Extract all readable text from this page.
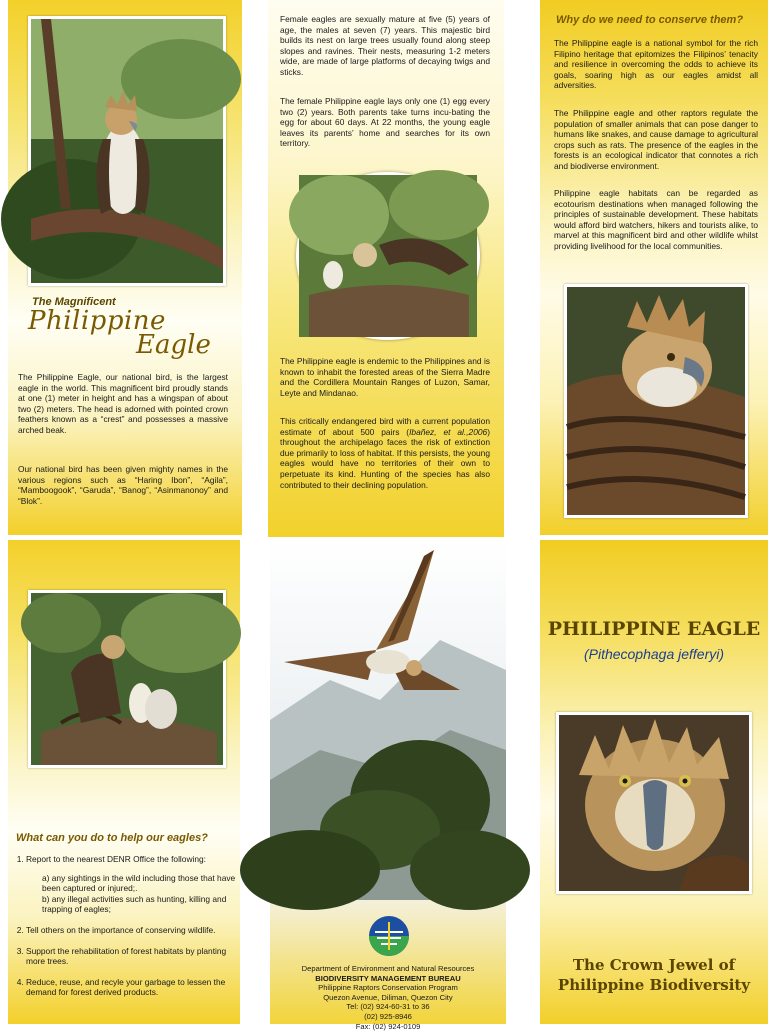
The Magnificent
Philippine
Eagle

The Philippine Eagle, our national bird, is the largest eagle in the world. This magnificent bird proudly stands at one (1) meter in height and has a wingspan of about two (2) meters. The head is adorned with pointed crown feathers known as a “crest” and possesses a massive arched beak.

Our national bird has been given mighty names in the various regions such as “Haring Ibon”, “Agila”, “Mamboogook”, “Garuda”, “Banog”, “Asinmanonoy” and “Blok”.

Female eagles are sexually mature at five (5) years of age, the males at seven (7) years. This majestic bird builds its nest on large trees usually found along steep slopes and ravines. Their nests, measuring 1-2 meters wide, are made of large platforms of decaying twigs and sticks.

The female Philippine eagle lays only one (1) egg every two (2) years. Both parents take turns incu-bating the egg for about 60 days. At 22 months, the young eagle leaves its parents’ home and searches for its own territory.

The Philippine eagle is endemic to the Philippines and is known to inhabit the forested areas of the Sierra Madre and the Cordillera Mountain Ranges of Luzon, Samar, Leyte and Mindanao.

This critically endangered bird with a current population estimate of about 500 pairs (Ibañez, et al.,2006) throughout the archipelago faces the risk of extinction due primarily to loss of habitat. If this persists, the young eagles would have no territories of their own to perpetuate its kind. Hunting of the species has also contributed to their declining population.

Why do we need to conserve them?

The Philippine eagle is a national symbol for the rich Filipino heritage that epitomizes the Filipinos’ tenacity and resilience in overcoming the odds to achieve its goals, soaring high as our eagles amidst all adversities.

The Philippine eagle and other raptors regulate the population of smaller animals that can pose danger to humans like snakes, and cause damage to agricultural crops such as rats. The presence of the eagles in the forests is an ecological indicator that connotes a rich and biodiverse environment.

Philippine eagle habitats can be regarded as ecotourism destinations when managed following the principles of sustainable development. These habitats would afford bird watchers, hikers and tourists alike, to marvel at this magnificent bird and other wildlife whilst providing livelihood for the local communities.

What can you do to help our eagles?
1. Report to the nearest DENR Office the following:
a) any sightings in the wild including those that have been captured or injured;.
b) any illegal activities such as hunting, killing and trapping of eagles;
2. Tell others on the importance of conserving wildlife.
3. Support the rehabilitation of forest habitats by planting more trees.
4. Reduce, reuse, and recyle your garbage to lessen the demand for forest derived products.
Department of Environment and Natural Resources
BIODIVERSITY MANAGEMENT BUREAU
Philippine Raptors Conservation Program
Quezon Avenue, Diliman, Quezon City
Tel: (02) 924-60-31 to 36
(02) 925-8946
Fax: (02) 924-0109
PHILIPPINE EAGLE
(Pithecophaga jefferyi)
The Crown Jewel of
Philippine Biodiversity
